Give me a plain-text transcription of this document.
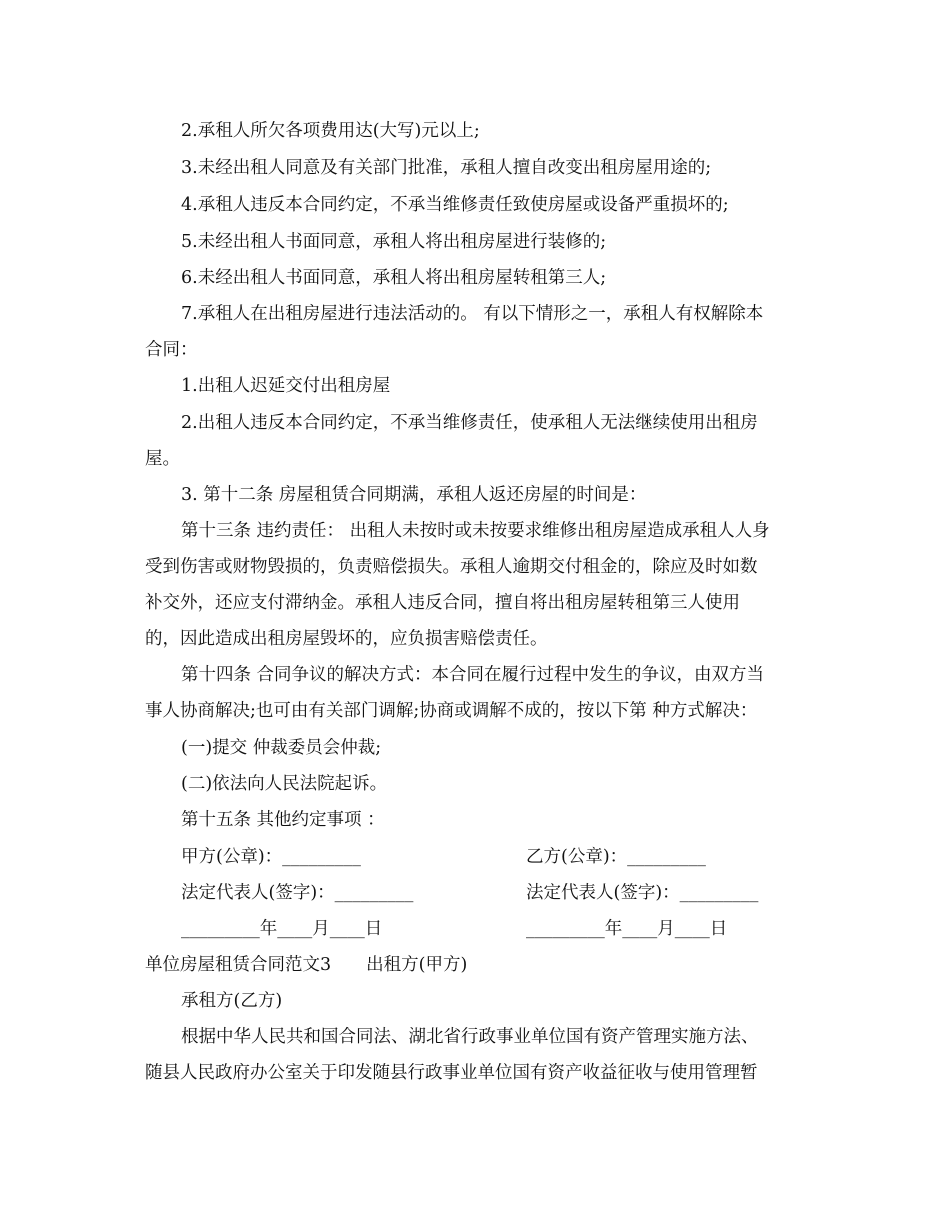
2.承租人所欠各项费用达(大写)元以上;
3.未经出租人同意及有关部门批准，承租人擅自改变出租房屋用途的;
4.承租人违反本合同约定，不承当维修责任致使房屋或设备严重损坏的;
5.未经出租人书面同意，承租人将出租房屋进行装修的;
6.未经出租人书面同意，承租人将出租房屋转租第三人;
7.承租人在出租房屋进行违法活动的。 有以下情形之一，承租人有权解除本
合同：
1.出租人迟延交付出租房屋
2.出租人违反本合同约定，不承当维修责任，使承租人无法继续使用出租房
屋。
3. 第十二条 房屋租赁合同期满，承租人返还房屋的时间是：
第十三条 违约责任： 出租人未按时或未按要求维修出租房屋造成承租人人身
受到伤害或财物毁损的，负责赔偿损失。承租人逾期交付租金的，除应及时如数
补交外，还应支付滞纳金。承租人违反合同，擅自将出租房屋转租第三人使用
的，因此造成出租房屋毁坏的，应负损害赔偿责任。
第十四条 合同争议的解决方式：本合同在履行过程中发生的争议，由双方当
事人协商解决;也可由有关部门调解;协商或调解不成的，按以下第 种方式解决：
(一)提交 仲裁委员会仲裁;
(二)依法向人民法院起诉。
第十五条 其他约定事项 ：
甲方(公章)：_________	乙方(公章)：_________
法定代表人(签字)：_________	法定代表人(签字)：_________
_________年____月____日	_________年____月____日
单位房屋租赁合同范文3　　出租方(甲方)
承租方(乙方)
根据中华人民共和国合同法、湖北省行政事业单位国有资产管理实施方法、
随县人民政府办公室关于印发随县行政事业单位国有资产收益征收与使用管理暂
